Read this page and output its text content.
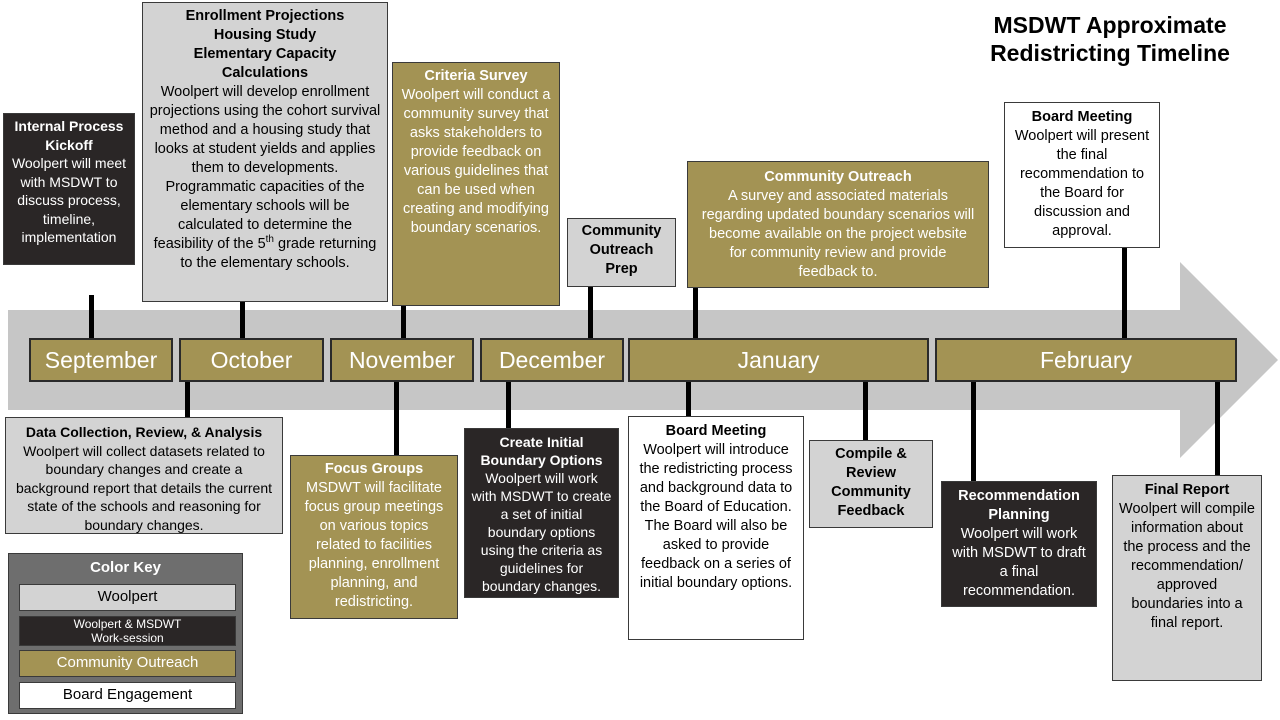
MSDWT Approximate
Redistricting Timeline
September	October	November	December	January	February
Internal Process Kickoff
Woolpert will meet with MSDWT to discuss process, timeline, implementation
Enrollment Projections
Housing Study
Elementary Capacity Calculations
Woolpert will develop enrollment projections using the cohort survival method and a housing study that looks at student yields and applies them to developments. Programmatic capacities of the elementary schools will be calculated to determine the feasibility of the 5th grade returning to the elementary schools.
Criteria Survey
Woolpert will conduct a community survey that asks stakeholders to provide feedback on various guidelines that can be used when creating and modifying boundary scenarios.	Community Outreach Prep
Community Outreach
A survey and associated materials regarding updated boundary scenarios will become available on the project website for community review and provide feedback to.
Board Meeting
Woolpert will present the final recommendation to the Board for discussion and approval.
Data Collection, Review, & Analysis
Woolpert will collect datasets related to boundary changes and create a background report that details the current state of the schools and reasoning for boundary changes.
Focus Groups
MSDWT will facilitate focus group meetings on various topics related to facilities planning, enrollment planning, and redistricting.
Create Initial Boundary Options
Woolpert will work with MSDWT to create a set of initial boundary options using the criteria as guidelines for boundary changes.
Board Meeting
Woolpert will introduce the redistricting process and background data to the Board of Education. The Board will also be asked to provide feedback on a series of initial boundary options.
Compile & Review Community Feedback
Recommendation Planning
Woolpert will work with MSDWT to draft a final recommendation.
Final Report
Woolpert will compile information about the process and the recommendation/ approved boundaries into a final report.
Color Key
Woolpert
Woolpert & MSDWT
Work-session
Community Outreach
Board Engagement
